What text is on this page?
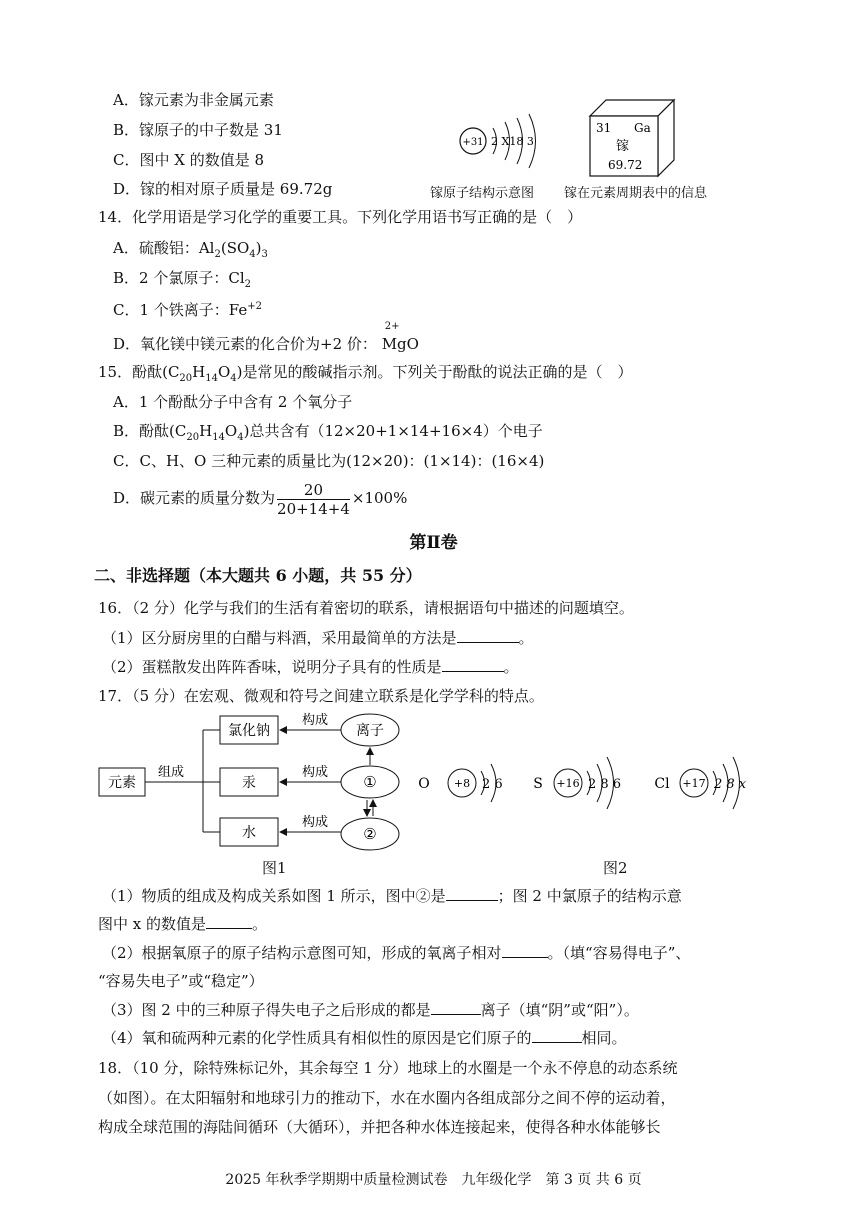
A．镓元素为非金属元素
B．镓原子的中子数是 31
C．图中 X 的数值是 8
D．镓的相对原子质量是 69.72g
+31 2 X18 3
镓原子结构示意图
31 Ga
镓
69.72
镓在元素周期表中的信息
14．化学用语是学习化学的重要工具。下列化学用语书写正确的是（　）
A．硫酸铝：$Al_2(SO_4)_3$
B．2 个氯原子：$Cl_2$
C．1 个铁离子：$Fe^{+2}$
D．氧化镁中镁元素的化合价为+2 价：
2+
MgO
15．酚酞$(C_{20}H_{14}O_4)$是常见的酸碱指示剂。下列关于酚酞的说法正确的是（　）
A．1 个酚酞分子中含有 2 个氧分子
B．酚酞$(C_{20}H_{14}O_4)$总共含有（12×20+1×14+16×4）个电子
C．C、H、O 三种元素的质量比为(12×20)：(1×14)：(16×4)
D．碳元素的质量分数为 $\frac{20}{20+14+4} \times 100\%$
第Ⅱ卷
二、非选择题（本大题共 6 小题，共 55 分）
16．（2 分）化学与我们的生活有着密切的联系，请根据语句中描述的问题填空。
（1）区分厨房里的白醋与料酒，采用最简单的方法是	。
（2）蛋糕散发出阵阵香味，说明分子具有的性质是	。
17．（5 分）在宏观、微观和符号之间建立联系是化学学科的特点。
元素
组成
氯化钠
汞
水
离子
①
②
构成
构成
构成
图1
O +8 2 6 S +16 2 8 6 Cl +17 2 8 x
图2
（1）物质的组成及构成关系如图 1 所示，图中②是	；图 2 中氯原子的结构示意
图中 x 的数值是	。
（2）根据氧原子的原子结构示意图可知，形成的氧离子相对	。（填“容易得电子”、
“容易失电子”或“稳定”）
（3）图 2 中的三种原子得失电子之后形成的都是	离子（填“阴”或“阳”）。
（4）氧和硫两种元素的化学性质具有相似性的原因是它们原子的	相同。
18．（10 分，除特殊标记外，其余每空 1 分）地球上的水圈是一个永不停息的动态系统
（如图）。在太阳辐射和地球引力的推动下，水在水圈内各组成部分之间不停的运动着，
构成全球范围的海陆间循环（大循环），并把各种水体连接起来，使得各种水体能够长
2025 年秋季学期期中质量检测试卷　九年级化学　第 3 页 共 6 页
